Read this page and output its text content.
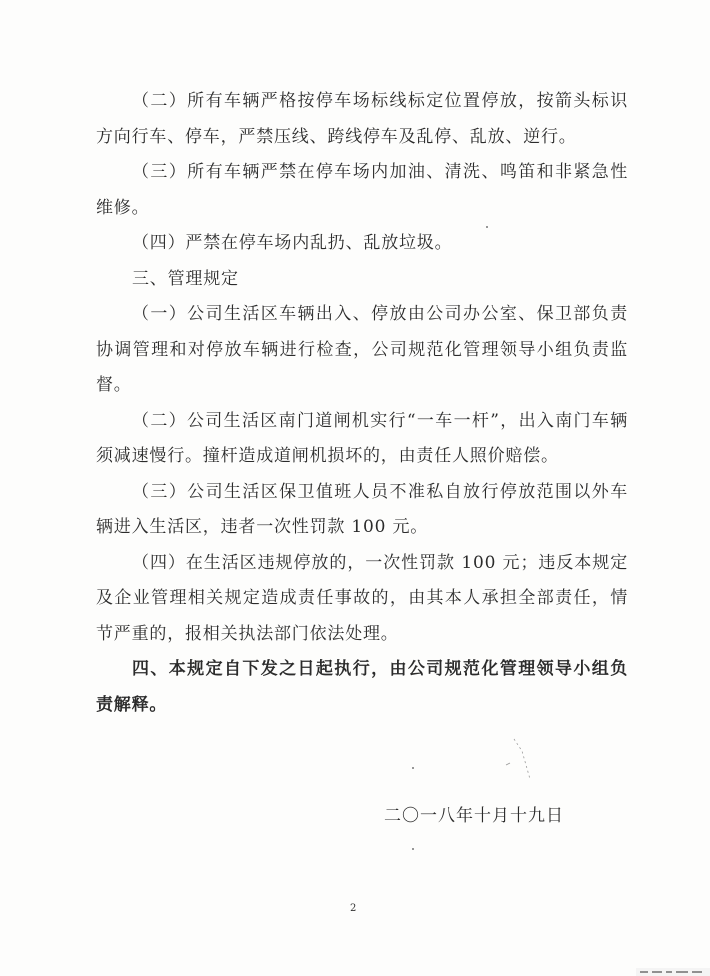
（二）所有车辆严格按停车场标线标定位置停放，按箭头标识方向行车、停车，严禁压线、跨线停车及乱停、乱放、逆行。

（三）所有车辆严禁在停车场内加油、清洗、鸣笛和非紧急性维修。

（四）严禁在停车场内乱扔、乱放垃圾。

三、管理规定

（一）公司生活区车辆出入、停放由公司办公室、保卫部负责协调管理和对停放车辆进行检查，公司规范化管理领导小组负责监督。

（二）公司生活区南门道闸机实行“一车一杆”，出入南门车辆须减速慢行。撞杆造成道闸机损坏的，由责任人照价赔偿。

（三）公司生活区保卫值班人员不准私自放行停放范围以外车辆进入生活区，违者一次性罚款 100 元。

（四）在生活区违规停放的，一次性罚款 100 元；违反本规定及企业管理相关规定造成责任事故的，由其本人承担全部责任，情节严重的，报相关执法部门依法处理。

四、本规定自下发之日起执行，由公司规范化管理领导小组负责解释。

二〇一八年十月十九日
2
